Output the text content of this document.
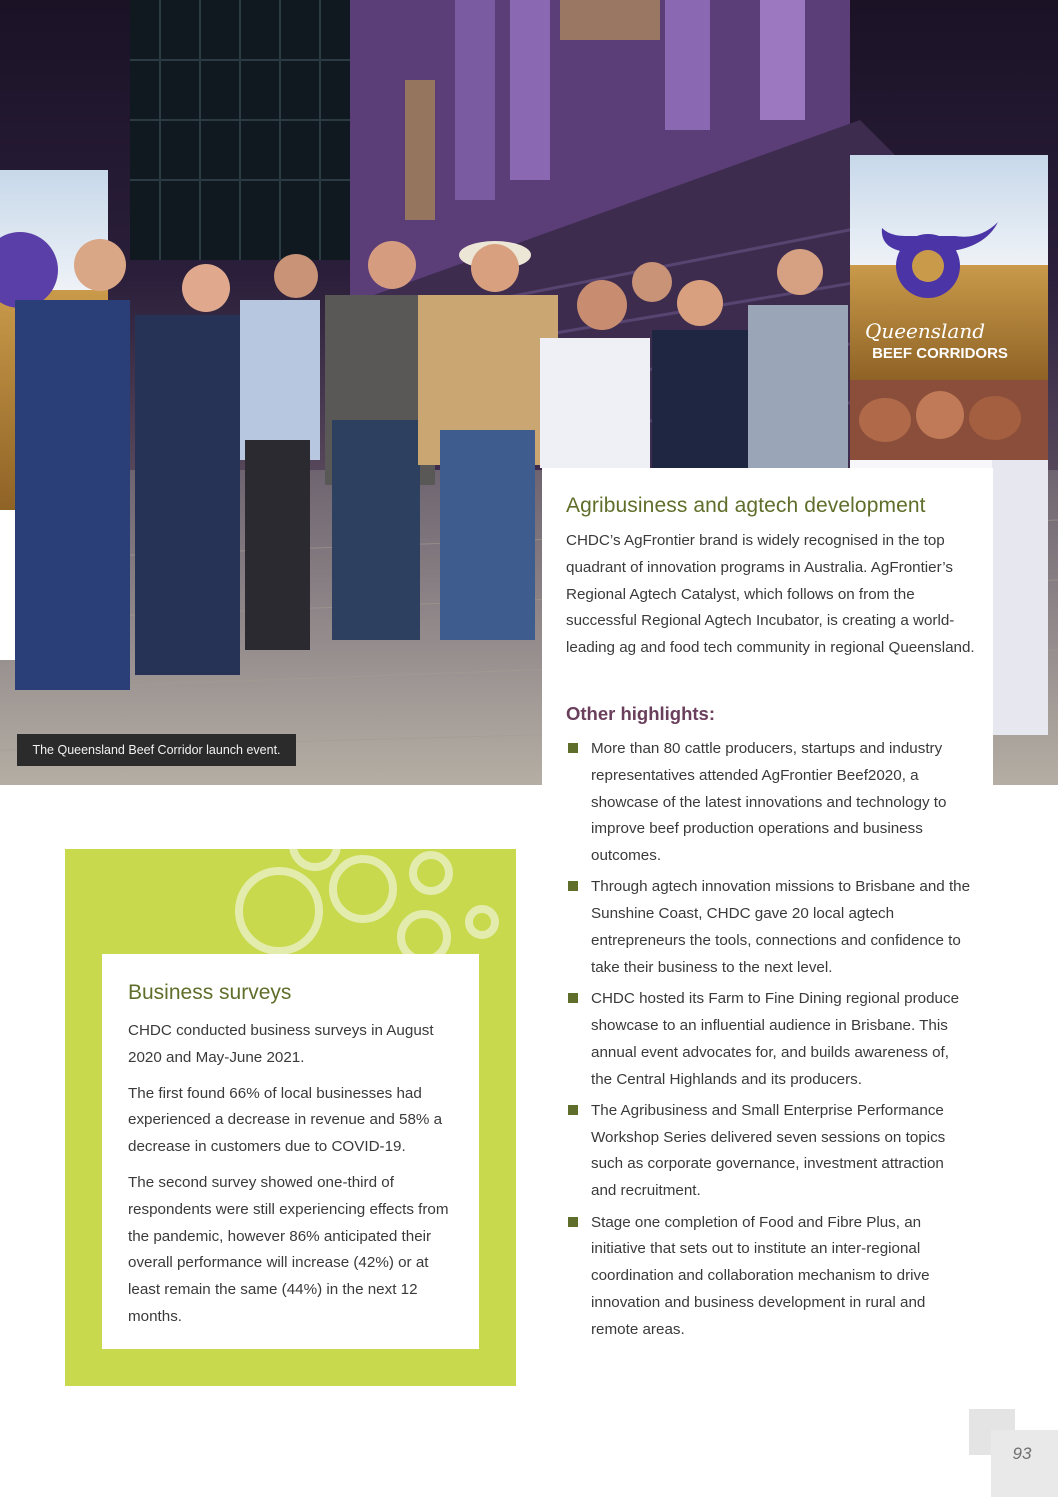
Queensland
BEEF CORRIDORS
The Queensland Beef Corridor launch event.
Agribusiness and agtech development

CHDC’s AgFrontier brand is widely recognised in the top quadrant of innovation programs in Australia. AgFrontier’s Regional Agtech Catalyst, which follows on from the successful Regional Agtech Incubator, is creating a world-leading ag and food tech community in regional Queensland.

Other highlights:
More than 80 cattle producers, startups and industry representatives attended AgFrontier Beef2020, a showcase of the latest innovations and technology to improve beef production operations and business outcomes.
Through agtech innovation missions to Brisbane and the Sunshine Coast, CHDC gave 20 local agtech entrepreneurs the tools, connections and confidence to take their business to the next level.
CHDC hosted its Farm to Fine Dining regional produce showcase to an influential audience in Brisbane. This annual event advocates for, and builds awareness of, the Central Highlands and its producers.
The Agribusiness and Small Enterprise Performance Workshop Series delivered seven sessions on topics such as corporate governance, investment attraction and recruitment.
Stage one completion of Food and Fibre Plus, an initiative that sets out to institute an inter-regional coordination and collaboration mechanism to drive innovation and business development in rural and remote areas.
Business surveys

CHDC conducted business surveys in August 2020 and May-June 2021.

The first found 66% of local businesses had experienced a decrease in revenue and 58% a decrease in customers due to COVID-19.

The second survey showed one-third of respondents were still experiencing effects from the pandemic, however 86% anticipated their overall performance will increase (42%) or at least remain the same (44%) in the next 12 months.

93
